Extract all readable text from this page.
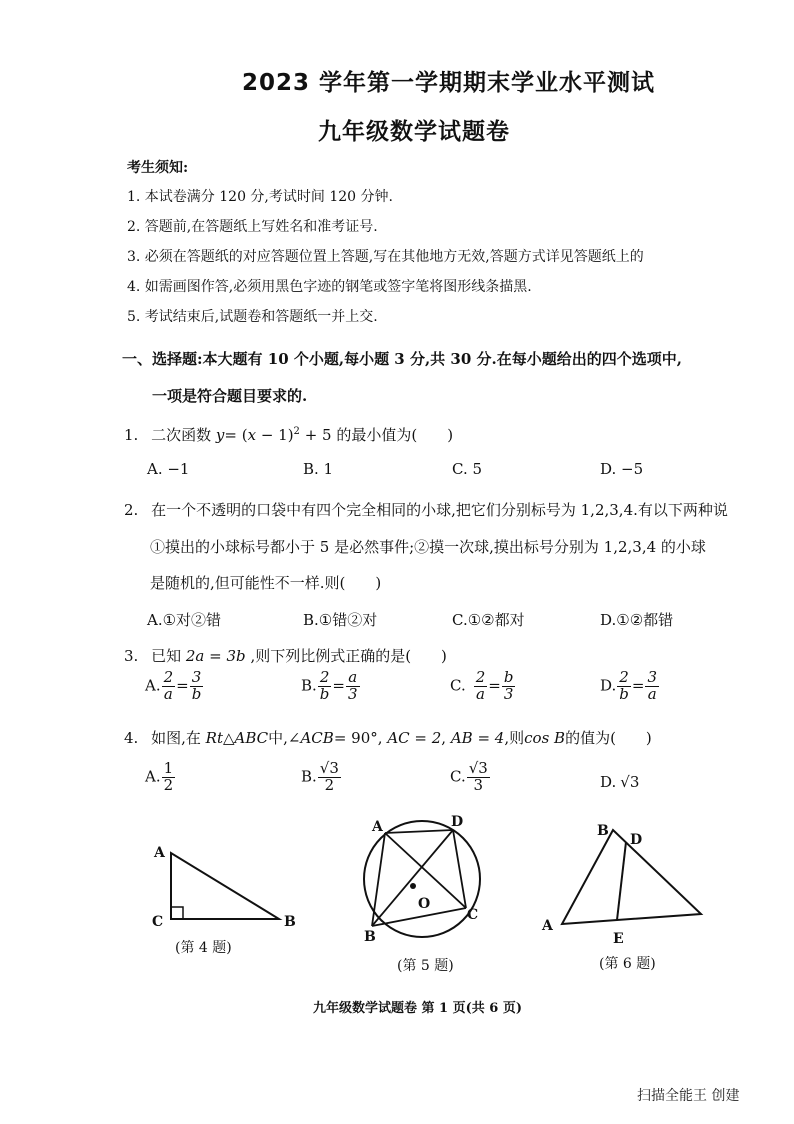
2023 学年第一学期期末学业水平测试
九年级数学试题卷
考生须知:
1. 本试卷满分 120 分,考试时间 120 分钟.
2. 答题前,在答题纸上写姓名和准考证号.
3. 必须在答题纸的对应答题位置上答题,写在其他地方无效,答题方式详见答题纸上的
4. 如需画图作答,必须用黑色字迹的钢笔或签字笔将图形线条描黑.
5. 考试结束后,试题卷和答题纸一并上交.
一、选择题:本大题有 10 个小题,每小题 3 分,共 30 分.在每小题给出的四个选项中,
一项是符合题目要求的.
1. 二次函数 $y= (x - 1)^2 + 5$ 的最小值为(　　)
A. −1	B. 1	C. 5	D. −5
2. 在一个不透明的口袋中有四个完全相同的小球,把它们分别标号为 1,2,3,4.有以下两种说
①摸出的小球标号都小于 5 是必然事件;②摸一次球,摸出标号分别为 1,2,3,4 的小球
是随机的,但可能性不一样.则(　　)
A.①对②错	B.①错②对	C.①②都对	D.①②都错
3. 已知 2a = 3b ,则下列比例式正确的是(　　)
A. $\frac{2}{a} = \frac{3}{b}$	B. $\frac{2}{b} = \frac{a}{3}$	C. $\frac{2}{a} = \frac{b}{3}$	D. $\frac{2}{b} = \frac{3}{a}$
4. 如图,在 Rt△ABC中,∠ACB= 90°, AC = 2, AB = 4,则cos B的值为(　　)
A. $\frac{1}{2}$	B. $\frac{√3}{2}$	C. $\frac{√3}{3}$	D. √3
A
C	B
(第 4 题)
A	D
O
C
B
(第 5 题)
B
D
A
E
(第 6 题)
九年级数学试题卷 第 1 页(共 6 页)
扫描全能王 创建
